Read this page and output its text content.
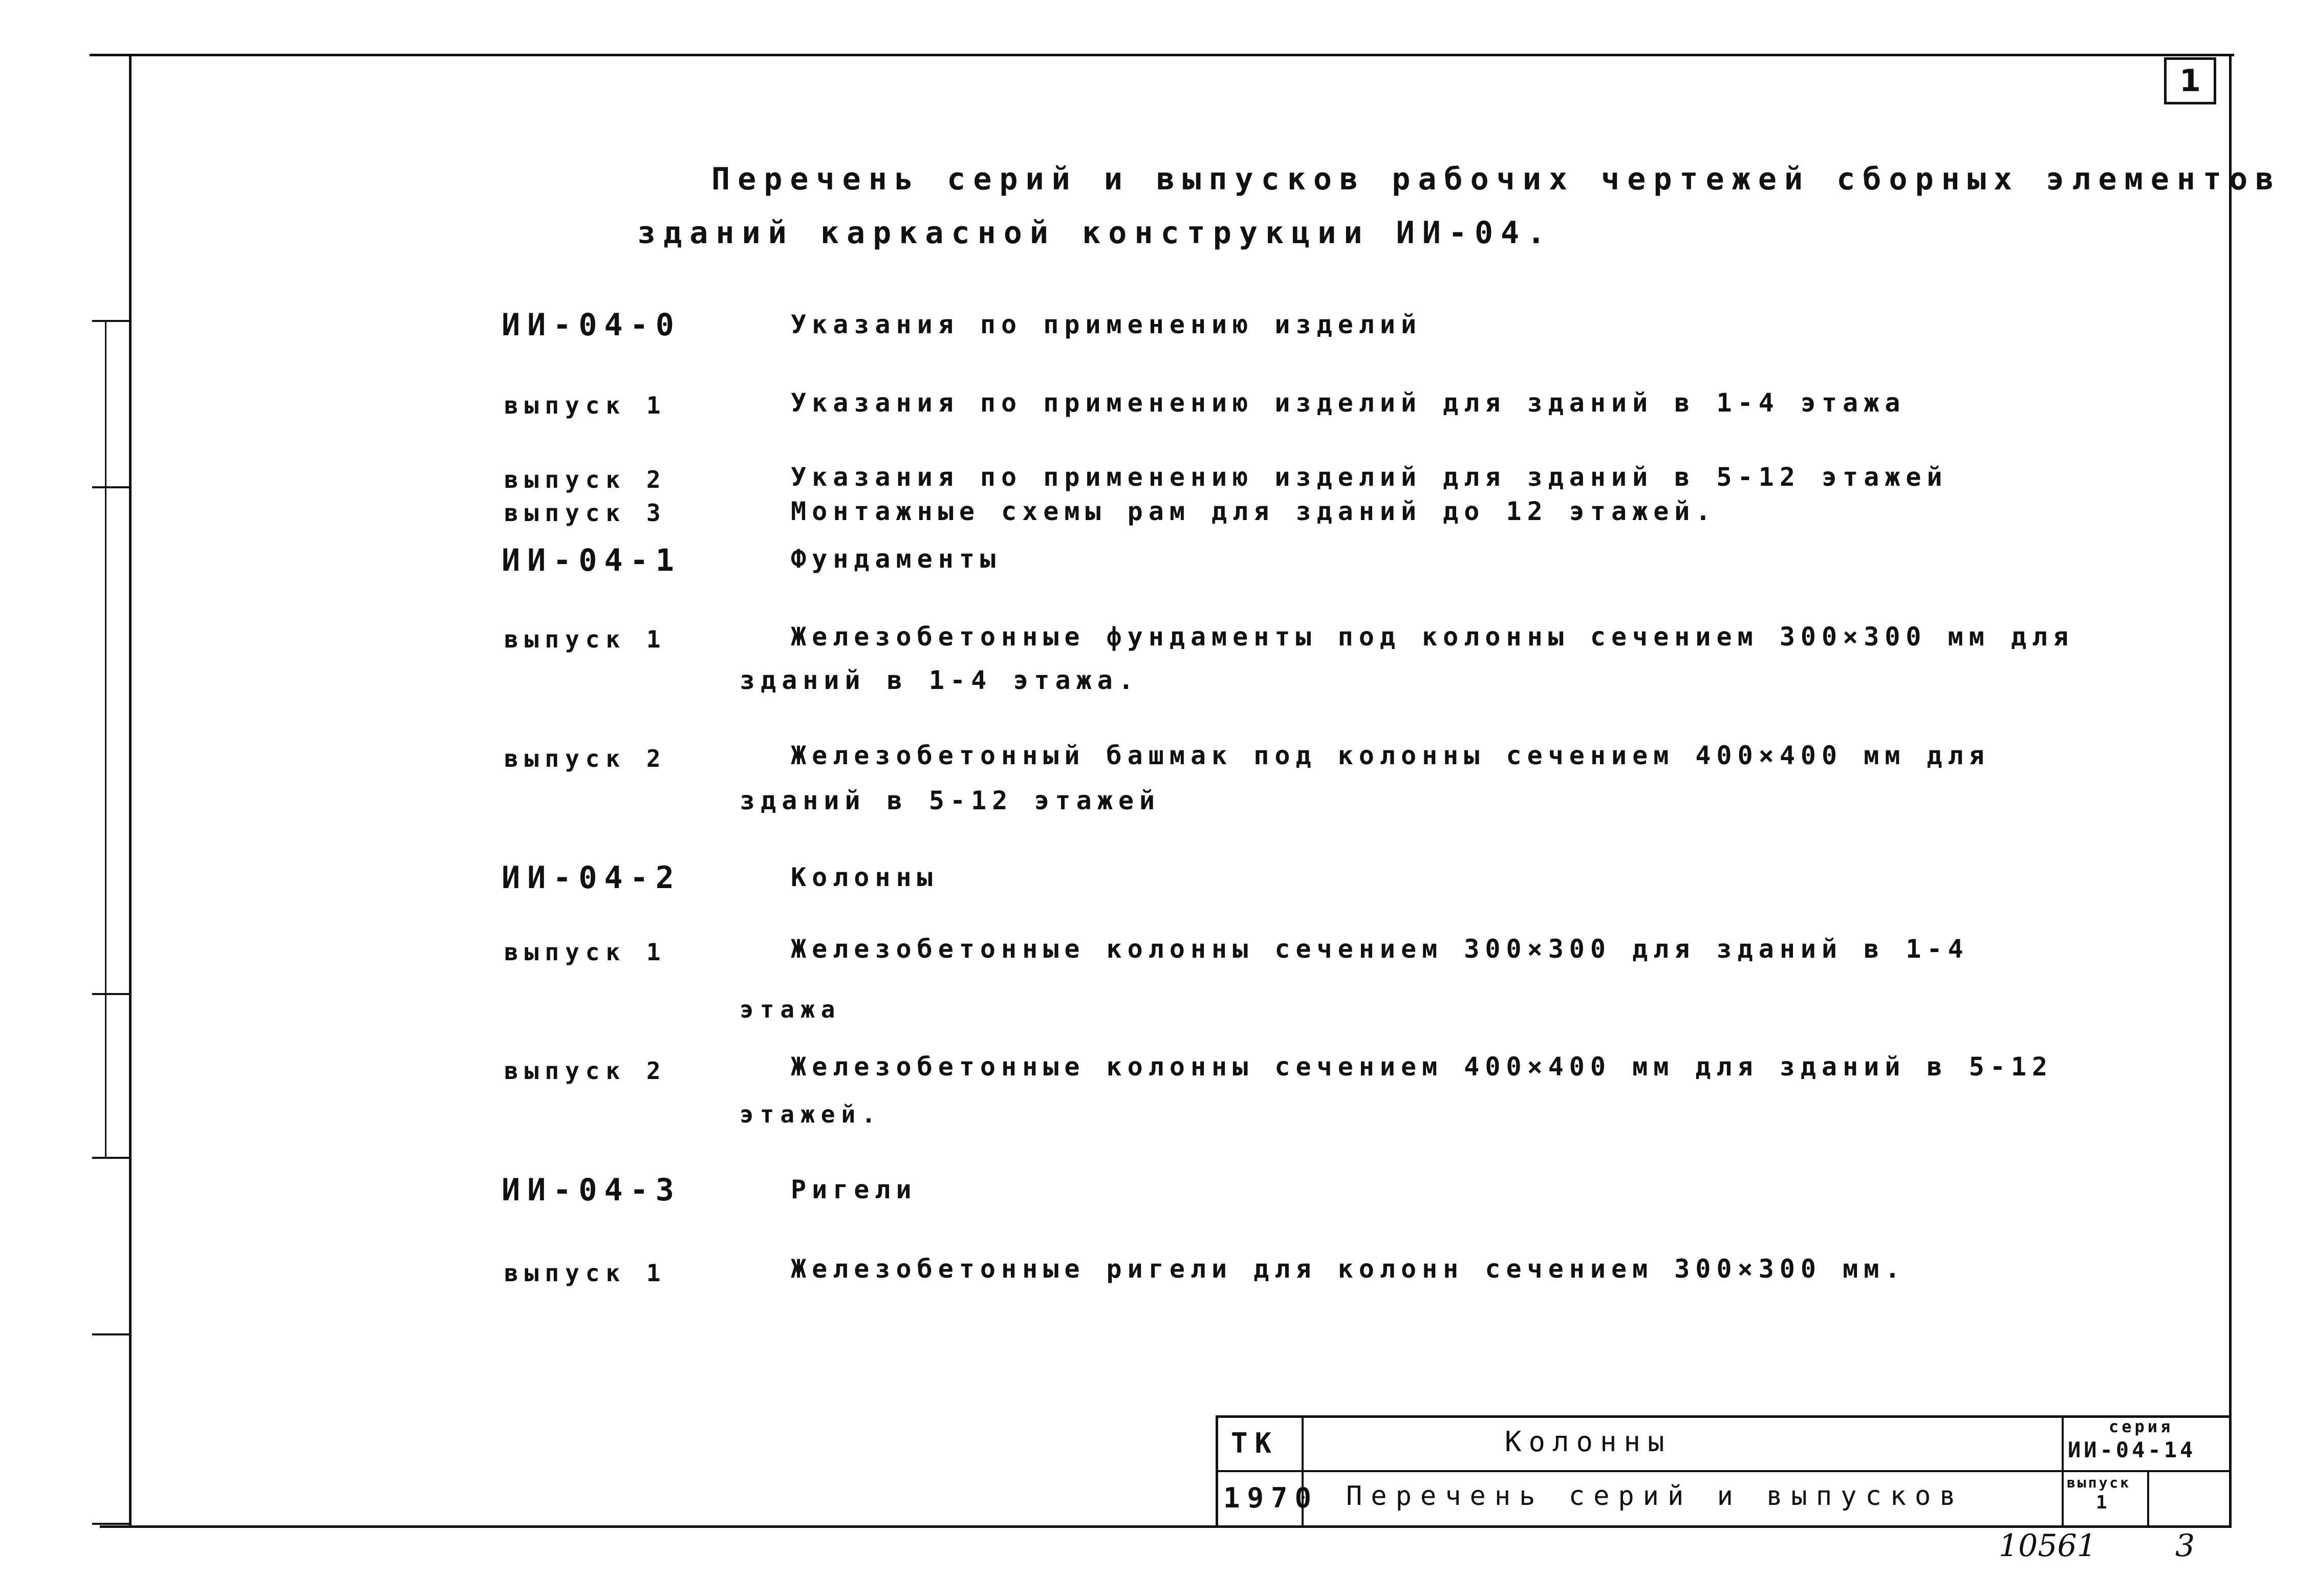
1
Перечень серий и выпусков рабочих чертежей сборных элементов
зданий каркасной конструкции ИИ-04.
ИИ-04-0	Указания по применению изделий
выпуск 1	Указания по применению изделий для зданий в 1-4 этажа
выпуск 2	Указания по применению изделий для зданий в 5-12 этажей
выпуск 3	Монтажные схемы рам для зданий до 12 этажей.
ИИ-04-1	Фундаменты
выпуск 1	Железобетонные фундаменты под колонны сечением 300×300 мм для
зданий в 1-4 этажа.
выпуск 2	Железобетонный башмак под колонны сечением 400×400 мм для
зданий в 5-12 этажей
ИИ-04-2	Колонны
выпуск 1	Железобетонные колонны сечением 300×300 для зданий в 1-4
этажа
выпуск 2	Железобетонные колонны сечением 400×400 мм для зданий в 5-12
этажей.
ИИ-04-3	Ригели
выпуск 1	Железобетонные ригели для колонн сечением 300×300 мм.
ТК
1970
Колонны
Перечень серий и выпусков
серия
ИИ-04-14
выпуск
1
10561	3
